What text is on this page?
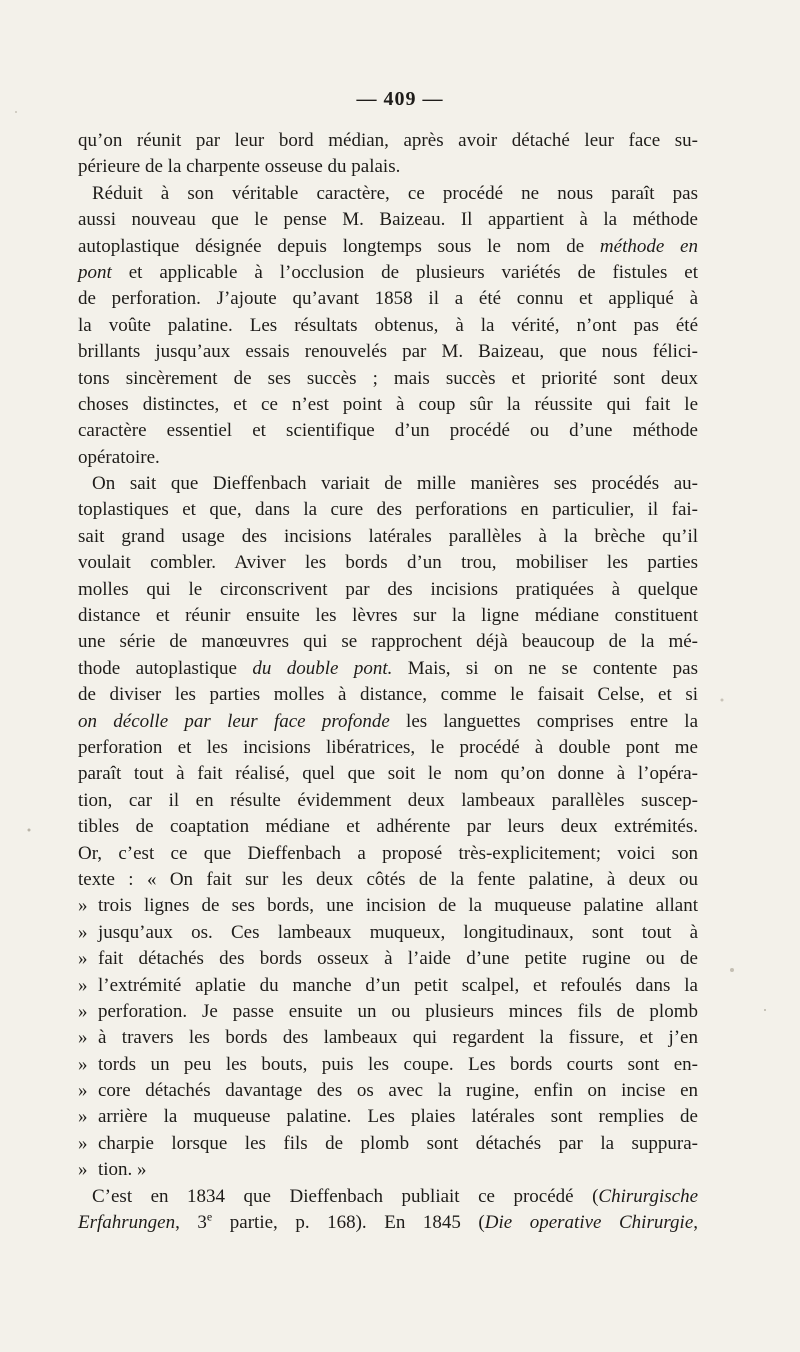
— 409 —
qu’on réunit par leur bord médian, après avoir détaché leur face su-
périeure de la charpente osseuse du palais.
Réduit à son véritable caractère, ce procédé ne nous paraît pas
aussi nouveau que le pense M. Baizeau. Il appartient à la méthode
autoplastique désignée depuis longtemps sous le nom de méthode en
pont et applicable à l’occlusion de plusieurs variétés de fistules et
de perforation. J’ajoute qu’avant 1858 il a été connu et appliqué à
la voûte palatine. Les résultats obtenus, à la vérité, n’ont pas été
brillants jusqu’aux essais renouvelés par M. Baizeau, que nous félici-
tons sincèrement de ses succès ; mais succès et priorité sont deux
choses distinctes, et ce n’est point à coup sûr la réussite qui fait le
caractère essentiel et scientifique d’un procédé ou d’une méthode
opératoire.
On sait que Dieffenbach variait de mille manières ses procédés au-
toplastiques et que, dans la cure des perforations en particulier, il fai-
sait grand usage des incisions latérales parallèles à la brèche qu’il
voulait combler. Aviver les bords d’un trou, mobiliser les parties
molles qui le circonscrivent par des incisions pratiquées à quelque
distance et réunir ensuite les lèvres sur la ligne médiane constituent
une série de manœuvres qui se rapprochent déjà beaucoup de la mé-
thode autoplastique du double pont. Mais, si on ne se contente pas
de diviser les parties molles à distance, comme le faisait Celse, et si
on décolle par leur face profonde les languettes comprises entre la
perforation et les incisions libératrices, le procédé à double pont me
paraît tout à fait réalisé, quel que soit le nom qu’on donne à l’opéra-
tion, car il en résulte évidemment deux lambeaux parallèles suscep-
tibles de coaptation médiane et adhérente par leurs deux extrémités.
Or, c’est ce que Dieffenbach a proposé très-explicitement; voici son
texte : « On fait sur les deux côtés de la fente palatine, à deux ou
» trois lignes de ses bords, une incision de la muqueuse palatine allant
» jusqu’aux os. Ces lambeaux muqueux, longitudinaux, sont tout à
» fait détachés des bords osseux à l’aide d’une petite rugine ou de
» l’extrémité aplatie du manche d’un petit scalpel, et refoulés dans la
» perforation. Je passe ensuite un ou plusieurs minces fils de plomb
» à travers les bords des lambeaux qui regardent la fissure, et j’en
» tords un peu les bouts, puis les coupe. Les bords courts sont en-
» core détachés davantage des os avec la rugine, enfin on incise en
» arrière la muqueuse palatine. Les plaies latérales sont remplies de
» charpie lorsque les fils de plomb sont détachés par la suppura-
» tion. »
C’est en 1834 que Dieffenbach publiait ce procédé (Chirurgische
Erfahrungen, 3e partie, p. 168). En 1845 (Die operative Chirurgie,
